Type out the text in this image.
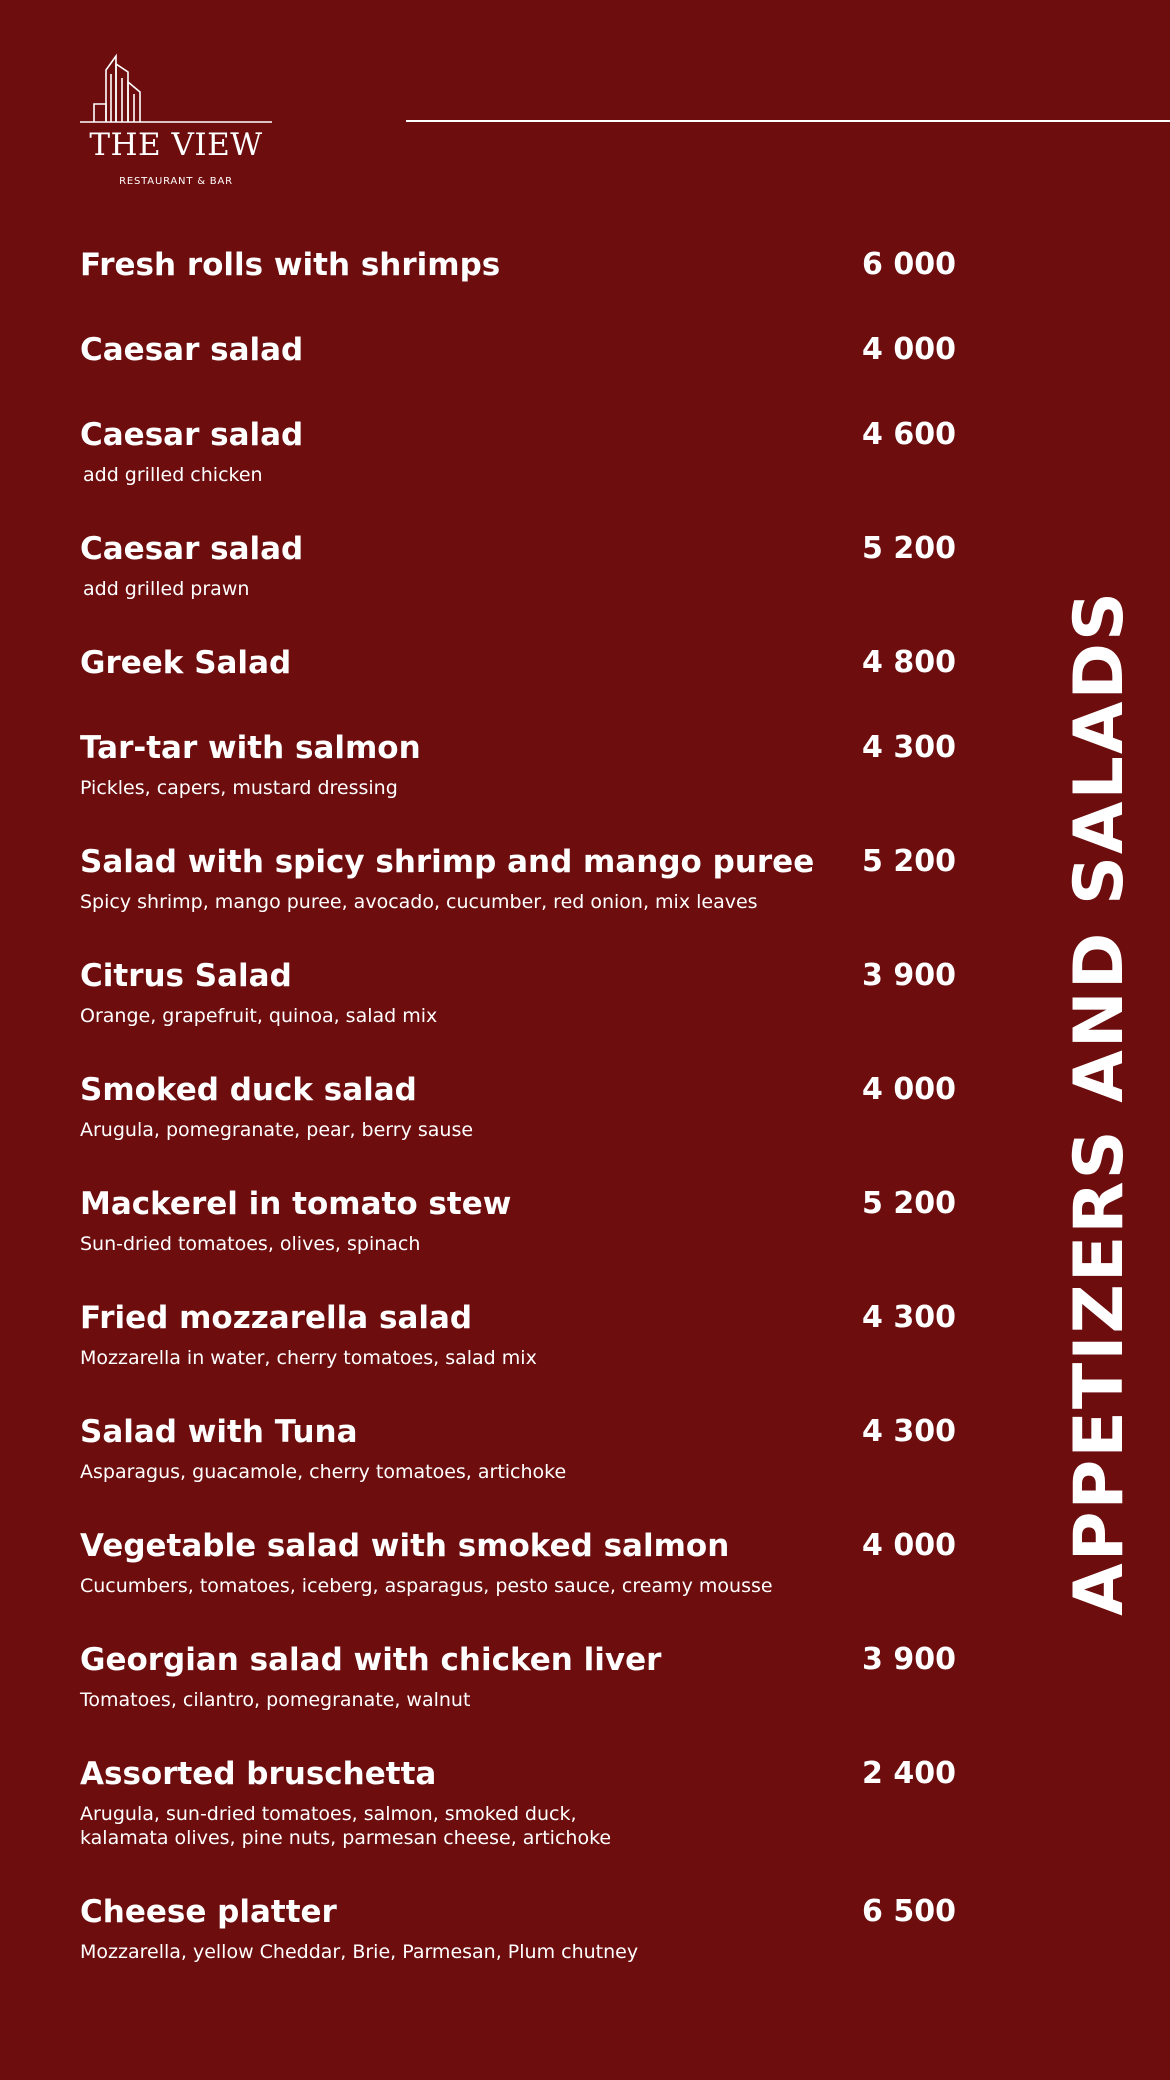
THE VIEW
RESTAURANT & BAR
Fresh rolls with shrimps	6 000
Caesar salad	4 000
Caesar salad	4 600
add grilled chicken
Caesar salad	5 200
add grilled prawn
Greek Salad	4 800
Tar-tar with salmon	4 300
Pickles, capers, mustard dressing
Salad with spicy shrimp and mango puree	5 200
Spicy shrimp, mango puree, avocado, cucumber, red onion, mix leaves
Citrus Salad	3 900
Orange, grapefruit, quinoa, salad mix
Smoked duck salad	4 000
Arugula, pomegranate, pear, berry sause
Mackerel in tomato stew	5 200
Sun-dried tomatoes, olives, spinach
Fried mozzarella salad	4 300
Mozzarella in water, cherry tomatoes, salad mix
Salad with Tuna	4 300
Asparagus, guacamole, cherry tomatoes, artichoke
Vegetable salad with smoked salmon	4 000
Cucumbers, tomatoes, iceberg, asparagus, pesto sauce, creamy mousse
Georgian salad with chicken liver	3 900
Tomatoes, cilantro, pomegranate, walnut
Assorted bruschetta	2 400
Arugula, sun-dried tomatoes, salmon, smoked duck,
kalamata olives, pine nuts, parmesan cheese, artichoke
Cheese platter	6 500
Mozzarella, yellow Cheddar, Brie, Parmesan, Plum chutney
APPETIZERS AND SALADS
